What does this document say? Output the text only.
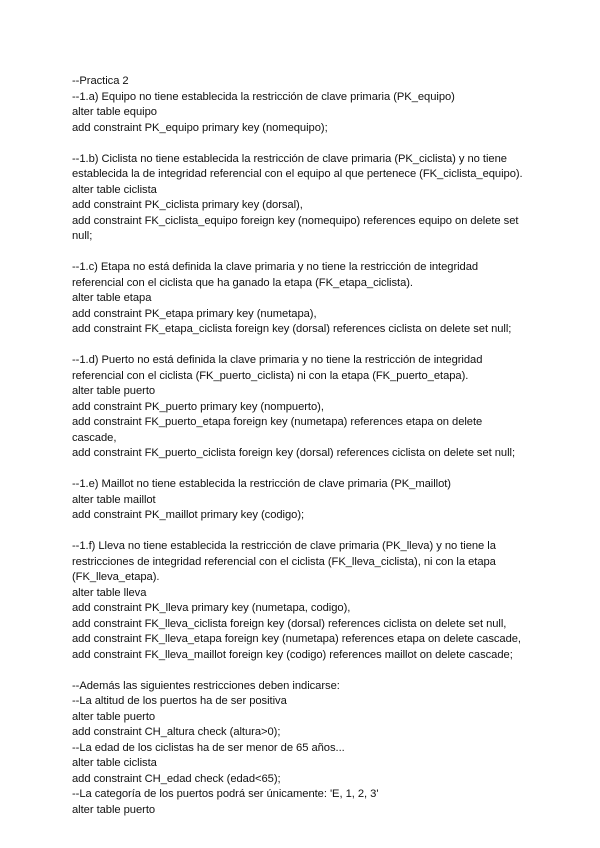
--Practica 2
--1.a) Equipo no tiene establecida la restricción de clave primaria (PK_equipo)
alter table equipo
add constraint PK_equipo primary key (nomequipo);
--1.b) Ciclista no tiene establecida la restricción de clave primaria (PK_ciclista) y no tiene
establecida la de integridad referencial con el equipo al que pertenece (FK_ciclista_equipo).
alter table ciclista
add constraint PK_ciclista primary key (dorsal),
add constraint FK_ciclista_equipo foreign key (nomequipo) references equipo on delete set
null;
--1.c) Etapa no está definida la clave primaria y no tiene la restricción de integridad
referencial con el ciclista que ha ganado la etapa (FK_etapa_ciclista).
alter table etapa
add constraint PK_etapa primary key (numetapa),
add constraint FK_etapa_ciclista foreign key (dorsal) references ciclista on delete set null;
--1.d) Puerto no está definida la clave primaria y no tiene la restricción de integridad
referencial con el ciclista (FK_puerto_ciclista) ni con la etapa (FK_puerto_etapa).
alter table puerto
add constraint PK_puerto primary key (nompuerto),
add constraint FK_puerto_etapa foreign key (numetapa) references etapa on delete
cascade,
add constraint FK_puerto_ciclista foreign key (dorsal) references ciclista on delete set null;
--1.e) Maillot no tiene establecida la restricción de clave primaria (PK_maillot)
alter table maillot
add constraint PK_maillot primary key (codigo);
--1.f) Lleva no tiene establecida la restricción de clave primaria (PK_lleva) y no tiene la
restricciones de integridad referencial con el ciclista (FK_lleva_ciclista), ni con la etapa
(FK_lleva_etapa).
alter table lleva
add constraint PK_lleva primary key (numetapa, codigo),
add constraint FK_lleva_ciclista foreign key (dorsal) references ciclista on delete set null,
add constraint FK_lleva_etapa foreign key (numetapa) references etapa on delete cascade,
add constraint FK_lleva_maillot foreign key (codigo) references maillot on delete cascade;
--Además las siguientes restricciones deben indicarse:
--La altitud de los puertos ha de ser positiva
alter table puerto
add constraint CH_altura check (altura>0);
--La edad de los ciclistas ha de ser menor de 65 años...
alter table ciclista
add constraint CH_edad check (edad<65);
--La categoría de los puertos podrá ser únicamente: 'E, 1, 2, 3'
alter table puerto
